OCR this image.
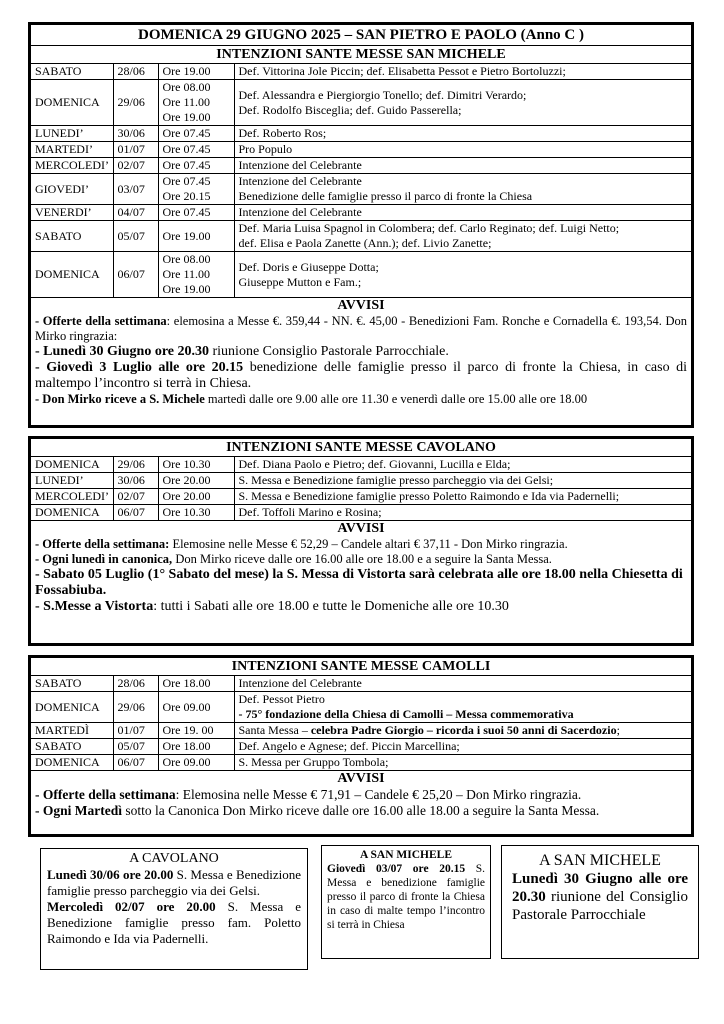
DOMENICA 29 GIUGNO 2025 – SAN PIETRO E PAOLO (Anno C )
INTENZIONI SANTE MESSE SAN MICHELE
SABATO	28/06	Ore 19.00	Def. Vittorina Jole Piccin; def. Elisabetta Pessot e Pietro Bortoluzzi;

DOMENICA	29/06	Ore 08.00
Ore 11.00
Ore 19.00	Def. Alessandra e Piergiorgio Tonello; def. Dimitri Verardo;
Def. Rodolfo Bisceglia; def. Guido Passerella;

LUNEDI’	30/06	Ore 07.45	Def. Roberto Ros;

MARTEDI’	01/07	Ore 07.45	Pro Populo

MERCOLEDI’	02/07	Ore 07.45	Intenzione del Celebrante

GIOVEDI’	03/07	Ore 07.45
Ore 20.15	Intenzione del Celebrante
Benedizione delle famiglie presso il parco di fronte la Chiesa

VENERDI’	04/07	Ore 07.45	Intenzione del Celebrante

SABATO	05/07	Ore 19.00	Def. Maria Luisa Spagnol in Colombera; def. Carlo Reginato; def. Luigi Netto;
def. Elisa e Paola Zanette (Ann.); def. Livio Zanette;

DOMENICA	06/07	Ore 08.00
Ore 11.00
Ore 19.00	Def. Doris e Giuseppe Dotta;
Giuseppe Mutton e Fam.;
AVVISI

- Offerte della settimana: elemosina a Messe €. 359,44 - NN. €. 45,00 - Benedizioni Fam. Ronche e Cornadella €. 193,54. Don Mirko ringrazia:

- Lunedì 30 Giugno ore 20.30 riunione Consiglio Pastorale Parrocchiale.

- Giovedì 3 Luglio alle ore 20.15 benedizione delle famiglie presso il parco di fronte la Chiesa, in caso di maltempo l’incontro si terrà in Chiesa.

- Don Mirko riceve a S. Michele martedì dalle ore 9.00 alle ore 11.30 e venerdì dalle ore 15.00 alle ore 18.00

INTENZIONI SANTE MESSE CAVOLANO
DOMENICA	29/06	Ore 10.30	Def. Diana Paolo e Pietro; def. Giovanni, Lucilla e Elda;

LUNEDI’	30/06	Ore 20.00	S. Messa e Benedizione famiglie presso parcheggio via dei Gelsi;

MERCOLEDI’	02/07	Ore 20.00	S. Messa e Benedizione famiglie presso Poletto Raimondo e Ida via Padernelli;

DOMENICA	06/07	Ore 10.30	Def. Toffoli Marino e Rosina;
AVVISI

- Offerte della settimana: Elemosine nelle Messe € 52,29 – Candele altari € 37,11 - Don Mirko ringrazia.

- Ogni lunedì in canonica, Don Mirko riceve dalle ore 16.00 alle ore 18.00 e a seguire la Santa Messa.

- Sabato 05 Luglio (1° Sabato del mese) la S. Messa di Vistorta sarà celebrata alle ore 18.00 nella Chiesetta di Fossabiuba.

- S.Messe a Vistorta: tutti i Sabati alle ore 18.00 e tutte le Domeniche alle ore 10.30

INTENZIONI SANTE MESSE CAMOLLI
SABATO	28/06	Ore 18.00	Intenzione del Celebrante

DOMENICA	29/06	Ore 09.00	Def. Pessot Pietro
- 75° fondazione della Chiesa di Camolli – Messa commemorativa

MARTEDÌ	01/07	Ore 19. 00	Santa Messa – celebra Padre Giorgio – ricorda i suoi 50 anni di Sacerdozio;

SABATO	05/07	Ore 18.00	Def. Angelo e Agnese; def. Piccin Marcellina;

DOMENICA	06/07	Ore 09.00	S. Messa per Gruppo Tombola;
AVVISI

- Offerte della settimana: Elemosina nelle Messe € 71,91 – Candele € 25,20 – Don Mirko ringrazia.

- Ogni Martedì sotto la Canonica Don Mirko riceve dalle ore 16.00 alle 18.00 a seguire la Santa Messa.

A CAVOLANO

Lunedì 30/06 ore 20.00 S. Messa e Benedizione famiglie presso parcheggio via dei Gelsi.

Mercoledì 02/07 ore 20.00 S. Messa e Benedizione famiglie presso fam. Poletto Raimondo e Ida via Padernelli.

A SAN MICHELE

Giovedì 03/07 ore 20.15 S. Messa e benedizione famiglie presso il parco di fronte la Chiesa in caso di malte tempo l’incontro si terrà in Chiesa

A SAN MICHELE

Lunedì 30 Giugno alle ore 20.30 riunione del Consiglio Pastorale Parrocchiale
